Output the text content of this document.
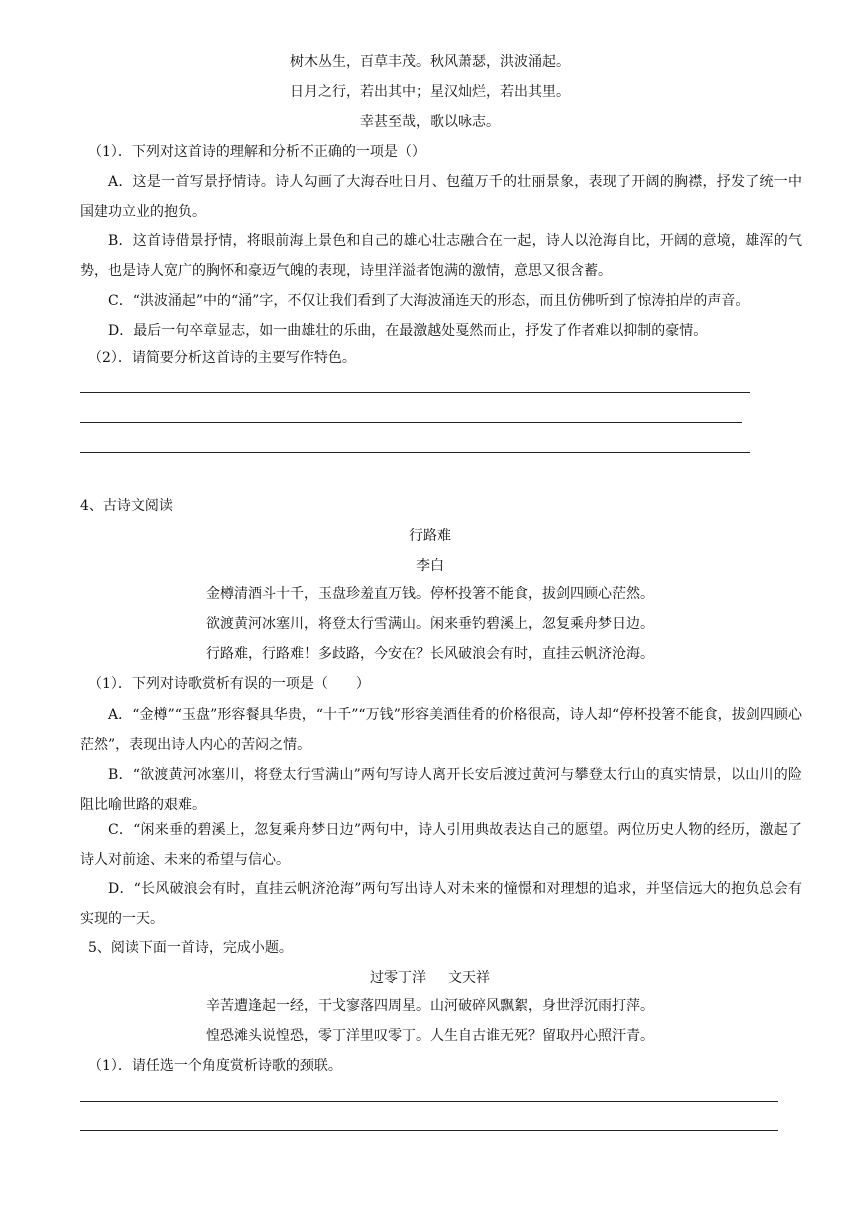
树木丛生，百草丰茂。秋风萧瑟，洪波涌起。
日月之行，若出其中；星汉灿烂，若出其里。
幸甚至哉，歌以咏志。
（1）．下列对这首诗的理解和分析不正确的一项是（）
A．这是一首写景抒情诗。诗人勾画了大海吞吐日月、包蕴万千的壮丽景象，表现了开阔的胸襟，抒发了统一中国建功立业的抱负。
B．这首诗借景抒情，将眼前海上景色和自己的雄心壮志融合在一起，诗人以沧海自比，开阔的意境，雄浑的气势，也是诗人宽广的胸怀和豪迈气魄的表现，诗里洋溢者饱满的激情，意思又很含蓄。
C．“洪波涌起”中的“涌”字，不仅让我们看到了大海波涌连天的形态，而且仿佛听到了惊涛拍岸的声音。
D．最后一句卒章显志，如一曲雄壮的乐曲，在最激越处戛然而止，抒发了作者难以抑制的豪情。
（2）．请简要分析这首诗的主要写作特色。
4、古诗文阅读
行路难
李白
金樽清酒斗十千，玉盘珍羞直万钱。停杯投箸不能食，拔剑四顾心茫然。
欲渡黄河冰塞川，将登太行雪满山。闲来垂钓碧溪上，忽复乘舟梦日边。
行路难，行路难！多歧路，今安在？长风破浪会有时，直挂云帆济沧海。
（1）．下列对诗歌赏析有误的一项是（　　）
A．“金樽”“玉盘”形容餐具华贵，“十千”“万钱”形容美酒佳肴的价格很高，诗人却“停杯投箸不能食，拔剑四顾心茫然”，表现出诗人内心的苦闷之情。
B．“欲渡黄河冰塞川，将登太行雪满山”两句写诗人离开长安后渡过黄河与攀登太行山的真实情景，以山川的险阻比喻世路的艰难。
C．“闲来垂的碧溪上，忽复乘舟梦日边”两句中，诗人引用典故表达自己的愿望。两位历史人物的经历，激起了诗人对前途、未来的希望与信心。
D．“长风破浪会有时，直挂云帆济沧海”两句写出诗人对未来的憧憬和对理想的追求，并坚信远大的抱负总会有实现的一天。
5、阅读下面一首诗，完成小题。
过零丁洋 文天祥
辛苦遭逢起一经，干戈寥落四周星。山河破碎风飘絮，身世浮沉雨打萍。
惶恐滩头说惶恐，零丁洋里叹零丁。人生自古谁无死？留取丹心照汗青。
（1）．请任选一个角度赏析诗歌的颈联。
